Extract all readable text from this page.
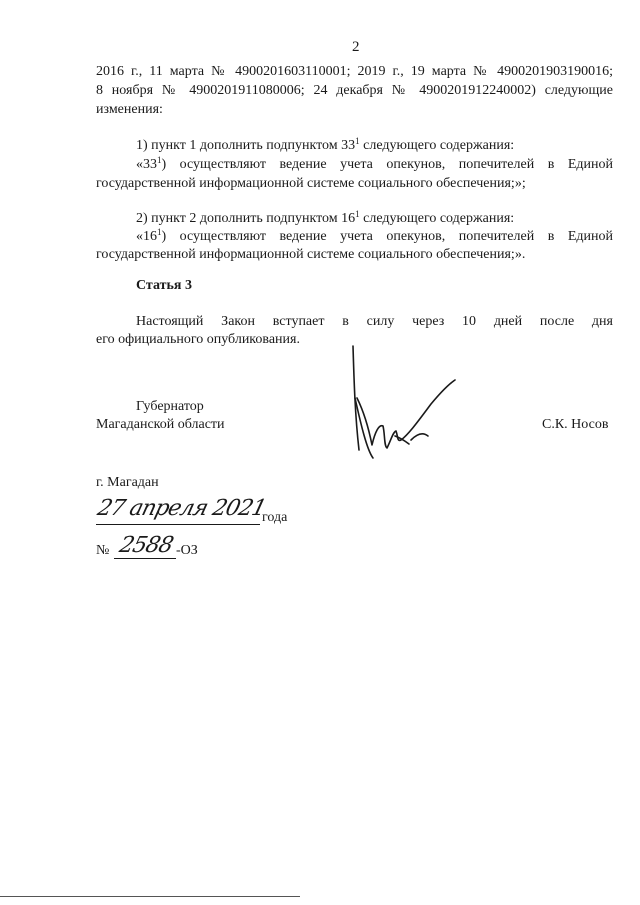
2
2016 г., 11 марта № 4900201603110001; 2019 г., 19 марта № 4900201903190016;
8 ноября № 4900201911080006; 24 декабря № 4900201912240002) следующие
изменения:
1) пункт 1 дополнить подпунктом $33^1$ следующего содержания:
«$33^1$) осуществляют ведение учета опекунов, попечителей в Единой
государственной информационной системе социального обеспечения;»;
2) пункт 2 дополнить подпунктом $16^1$ следующего содержания:
«$16^1$) осуществляют ведение учета опекунов, попечителей в Единой
государственной информационной системе социального обеспечения;».
Статья 3
Настоящий Закон вступает в силу через 10 дней после дня
его официального опубликования.
Губернатор
Магаданской области	С.К. Носов
г. Магадан
27 апреля 2021
года
№ 2588 -ОЗ
